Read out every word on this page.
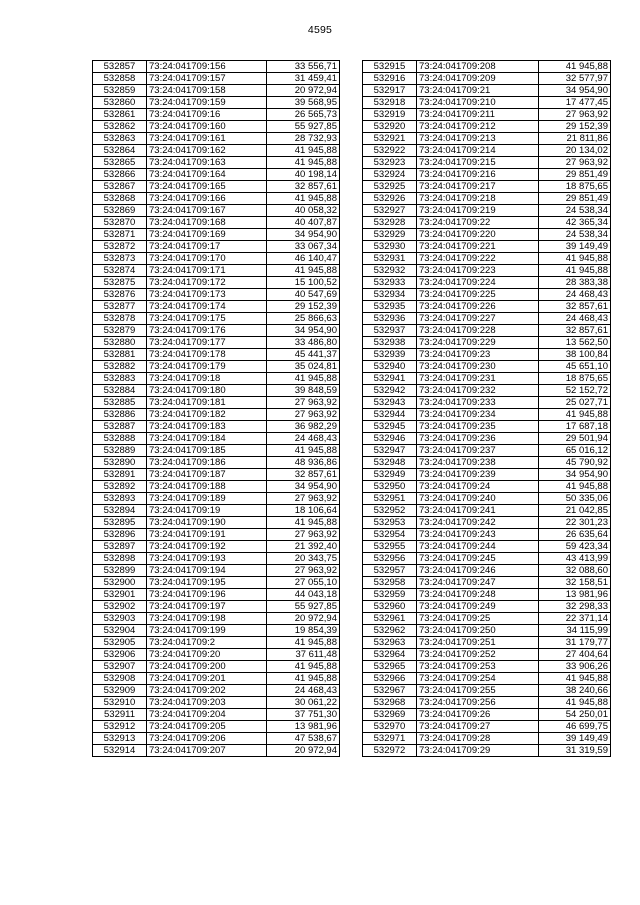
4595
532857	73:24:041709:156	33 556,71
532858	73:24:041709:157	31 459,41
532859	73:24:041709:158	20 972,94
532860	73:24:041709:159	39 568,95
532861	73:24:041709:16	26 565,73
532862	73:24:041709:160	55 927,85
532863	73:24:041709:161	28 732,93
532864	73:24:041709:162	41 945,88
532865	73:24:041709:163	41 945,88
532866	73:24:041709:164	40 198,14
532867	73:24:041709:165	32 857,61
532868	73:24:041709:166	41 945,88
532869	73:24:041709:167	40 058,32
532870	73:24:041709:168	40 407,87
532871	73:24:041709:169	34 954,90
532872	73:24:041709:17	33 067,34
532873	73:24:041709:170	46 140,47
532874	73:24:041709:171	41 945,88
532875	73:24:041709:172	15 100,52
532876	73:24:041709:173	40 547,69
532877	73:24:041709:174	29 152,39
532878	73:24:041709:175	25 866,63
532879	73:24:041709:176	34 954,90
532880	73:24:041709:177	33 486,80
532881	73:24:041709:178	45 441,37
532882	73:24:041709:179	35 024,81
532883	73:24:041709:18	41 945,88
532884	73:24:041709:180	39 848,59
532885	73:24:041709:181	27 963,92
532886	73:24:041709:182	27 963,92
532887	73:24:041709:183	36 982,29
532888	73:24:041709:184	24 468,43
532889	73:24:041709:185	41 945,88
532890	73:24:041709:186	48 936,86
532891	73:24:041709:187	32 857,61
532892	73:24:041709:188	34 954,90
532893	73:24:041709:189	27 963,92
532894	73:24:041709:19	18 106,64
532895	73:24:041709:190	41 945,88
532896	73:24:041709:191	27 963,92
532897	73:24:041709:192	21 392,40
532898	73:24:041709:193	20 343,75
532899	73:24:041709:194	27 963,92
532900	73:24:041709:195	27 055,10
532901	73:24:041709:196	44 043,18
532902	73:24:041709:197	55 927,85
532903	73:24:041709:198	20 972,94
532904	73:24:041709:199	19 854,39
532905	73:24:041709:2	41 945,88
532906	73:24:041709:20	37 611,48
532907	73:24:041709:200	41 945,88
532908	73:24:041709:201	41 945,88
532909	73:24:041709:202	24 468,43
532910	73:24:041709:203	30 061,22
532911	73:24:041709:204	37 751,30
532912	73:24:041709:205	13 981,96
532913	73:24:041709:206	47 538,67
532914	73:24:041709:207	20 972,94
532915	73:24:041709:208	41 945,88
532916	73:24:041709:209	32 577,97
532917	73:24:041709:21	34 954,90
532918	73:24:041709:210	17 477,45
532919	73:24:041709:211	27 963,92
532920	73:24:041709:212	29 152,39
532921	73:24:041709:213	21 811,86
532922	73:24:041709:214	20 134,02
532923	73:24:041709:215	27 963,92
532924	73:24:041709:216	29 851,49
532925	73:24:041709:217	18 875,65
532926	73:24:041709:218	29 851,49
532927	73:24:041709:219	24 538,34
532928	73:24:041709:22	42 365,34
532929	73:24:041709:220	24 538,34
532930	73:24:041709:221	39 149,49
532931	73:24:041709:222	41 945,88
532932	73:24:041709:223	41 945,88
532933	73:24:041709:224	28 383,38
532934	73:24:041709:225	24 468,43
532935	73:24:041709:226	32 857,61
532936	73:24:041709:227	24 468,43
532937	73:24:041709:228	32 857,61
532938	73:24:041709:229	13 562,50
532939	73:24:041709:23	38 100,84
532940	73:24:041709:230	45 651,10
532941	73:24:041709:231	18 875,65
532942	73:24:041709:232	52 152,72
532943	73:24:041709:233	25 027,71
532944	73:24:041709:234	41 945,88
532945	73:24:041709:235	17 687,18
532946	73:24:041709:236	29 501,94
532947	73:24:041709:237	65 016,12
532948	73:24:041709:238	45 790,92
532949	73:24:041709:239	34 954,90
532950	73:24:041709:24	41 945,88
532951	73:24:041709:240	50 335,06
532952	73:24:041709:241	21 042,85
532953	73:24:041709:242	22 301,23
532954	73:24:041709:243	26 635,64
532955	73:24:041709:244	59 423,34
532956	73:24:041709:245	43 413,99
532957	73:24:041709:246	32 088,60
532958	73:24:041709:247	32 158,51
532959	73:24:041709:248	13 981,96
532960	73:24:041709:249	32 298,33
532961	73:24:041709:25	22 371,14
532962	73:24:041709:250	34 115,99
532963	73:24:041709:251	31 179,77
532964	73:24:041709:252	27 404,64
532965	73:24:041709:253	33 906,26
532966	73:24:041709:254	41 945,88
532967	73:24:041709:255	38 240,66
532968	73:24:041709:256	41 945,88
532969	73:24:041709:26	54 250,01
532970	73:24:041709:27	46 699,75
532971	73:24:041709:28	39 149,49
532972	73:24:041709:29	31 319,59
